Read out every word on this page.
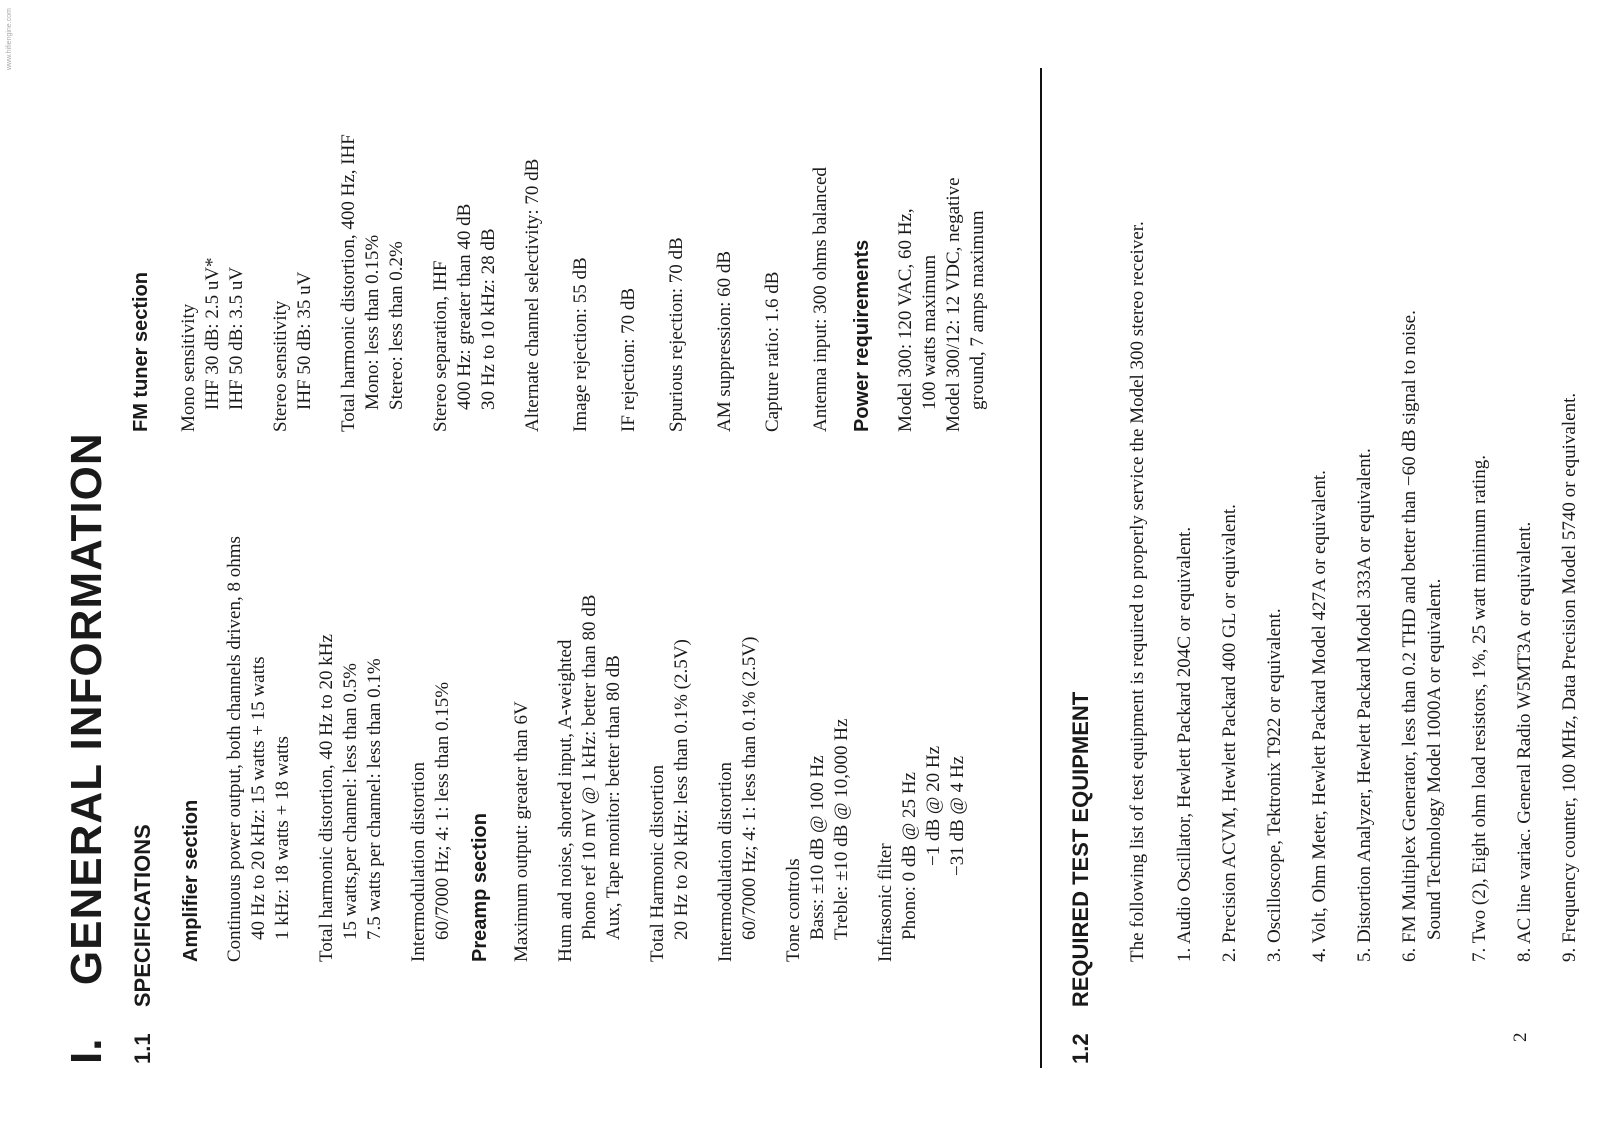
I.  GENERAL INFORMATION
1.1  SPECIFICATIONS Amplifier section Continuous power output, both channels driven, 8 ohms 40 Hz to 20 kHz: 15 watts + 15 watts 1 kHz: 18 watts + 18 watts Total harmonic distortion, 40 Hz to 20 kHz 15 watts,per channel: less than 0.5% 7.5 watts per channel: less than 0.1% Intermodulation distortion 60/7000 Hz; 4: 1: less than 0.15% Preamp section Maximum output: greater than 6V Hum and noise, shorted input, A-weighted Phono ref 10 mV @ 1 kHz: better than 80 dB Aux, Tape monitor: better than 80 dB Total Harmonic distortion 20 Hz to 20 kHz: less than 0.1% (2.5V) Intermodulation distortion 60/7000 Hz; 4: 1: less than 0.1% (2.5V) Tone controls Bass: ±10 dB @ 100 Hz Treble: ±10 dB @ 10,000 Hz Infrasonic filter Phono: 0 dB @ 25 Hz −1 dB @ 20 Hz −31 dB @ 4 Hz
FM tuner section Mono sensitivity IHF 30 dB: 2.5 uV* IHF 50 dB: 3.5 uV Stereo sensitivity IHF 50 dB: 35 uV Total harmonic distortion, 400 Hz, IHF Mono: less than 0.15% Stereo: less than 0.2% Stereo separation, IHF 400 Hz: greater than 40 dB 30 Hz to 10 kHz: 28 dB Alternate channel selectivity: 70 dB Image rejection: 55 dB IF rejection: 70 dB Spurious rejection: 70 dB AM suppression: 60 dB Capture ratio: 1.6 dB Antenna input: 300 ohms balanced Power requirements Model 300: 120 VAC, 60 Hz, 100 watts maximum Model 300/12: 12 VDC, negative ground, 7 amps maximum
1.2  REQUIRED TEST EQUIPMENT The following list of test equipment is required to properly service the Model 300 stereo receiver. 1. Audio Oscillator, Hewlett Packard 204C or equivalent. 2. Precision ACVM, Hewlett Packard 400 GL or equivalent. 3. Oscilloscope, Tektronix T922 or equivalent. 4. Volt, Ohm Meter, Hewlett Packard Model 427A or equivalent. 5. Distortion Analyzer, Hewlett Packard Model 333A or equivalent. 6. FM Multiplex Generator, less than 0.2 THD and better than −60 dB signal to noise. Sound Technology Model 1000A or equivalent. 7. Two (2), Eight ohm load resistors, 1%, 25 watt minimum rating. 8. AC line variac. General Radio W5MT3A or equivalent. 9. Frequency counter, 100 MHz, Data Precision Model 5740 or equivalent.
2
www.hifiengine.com
